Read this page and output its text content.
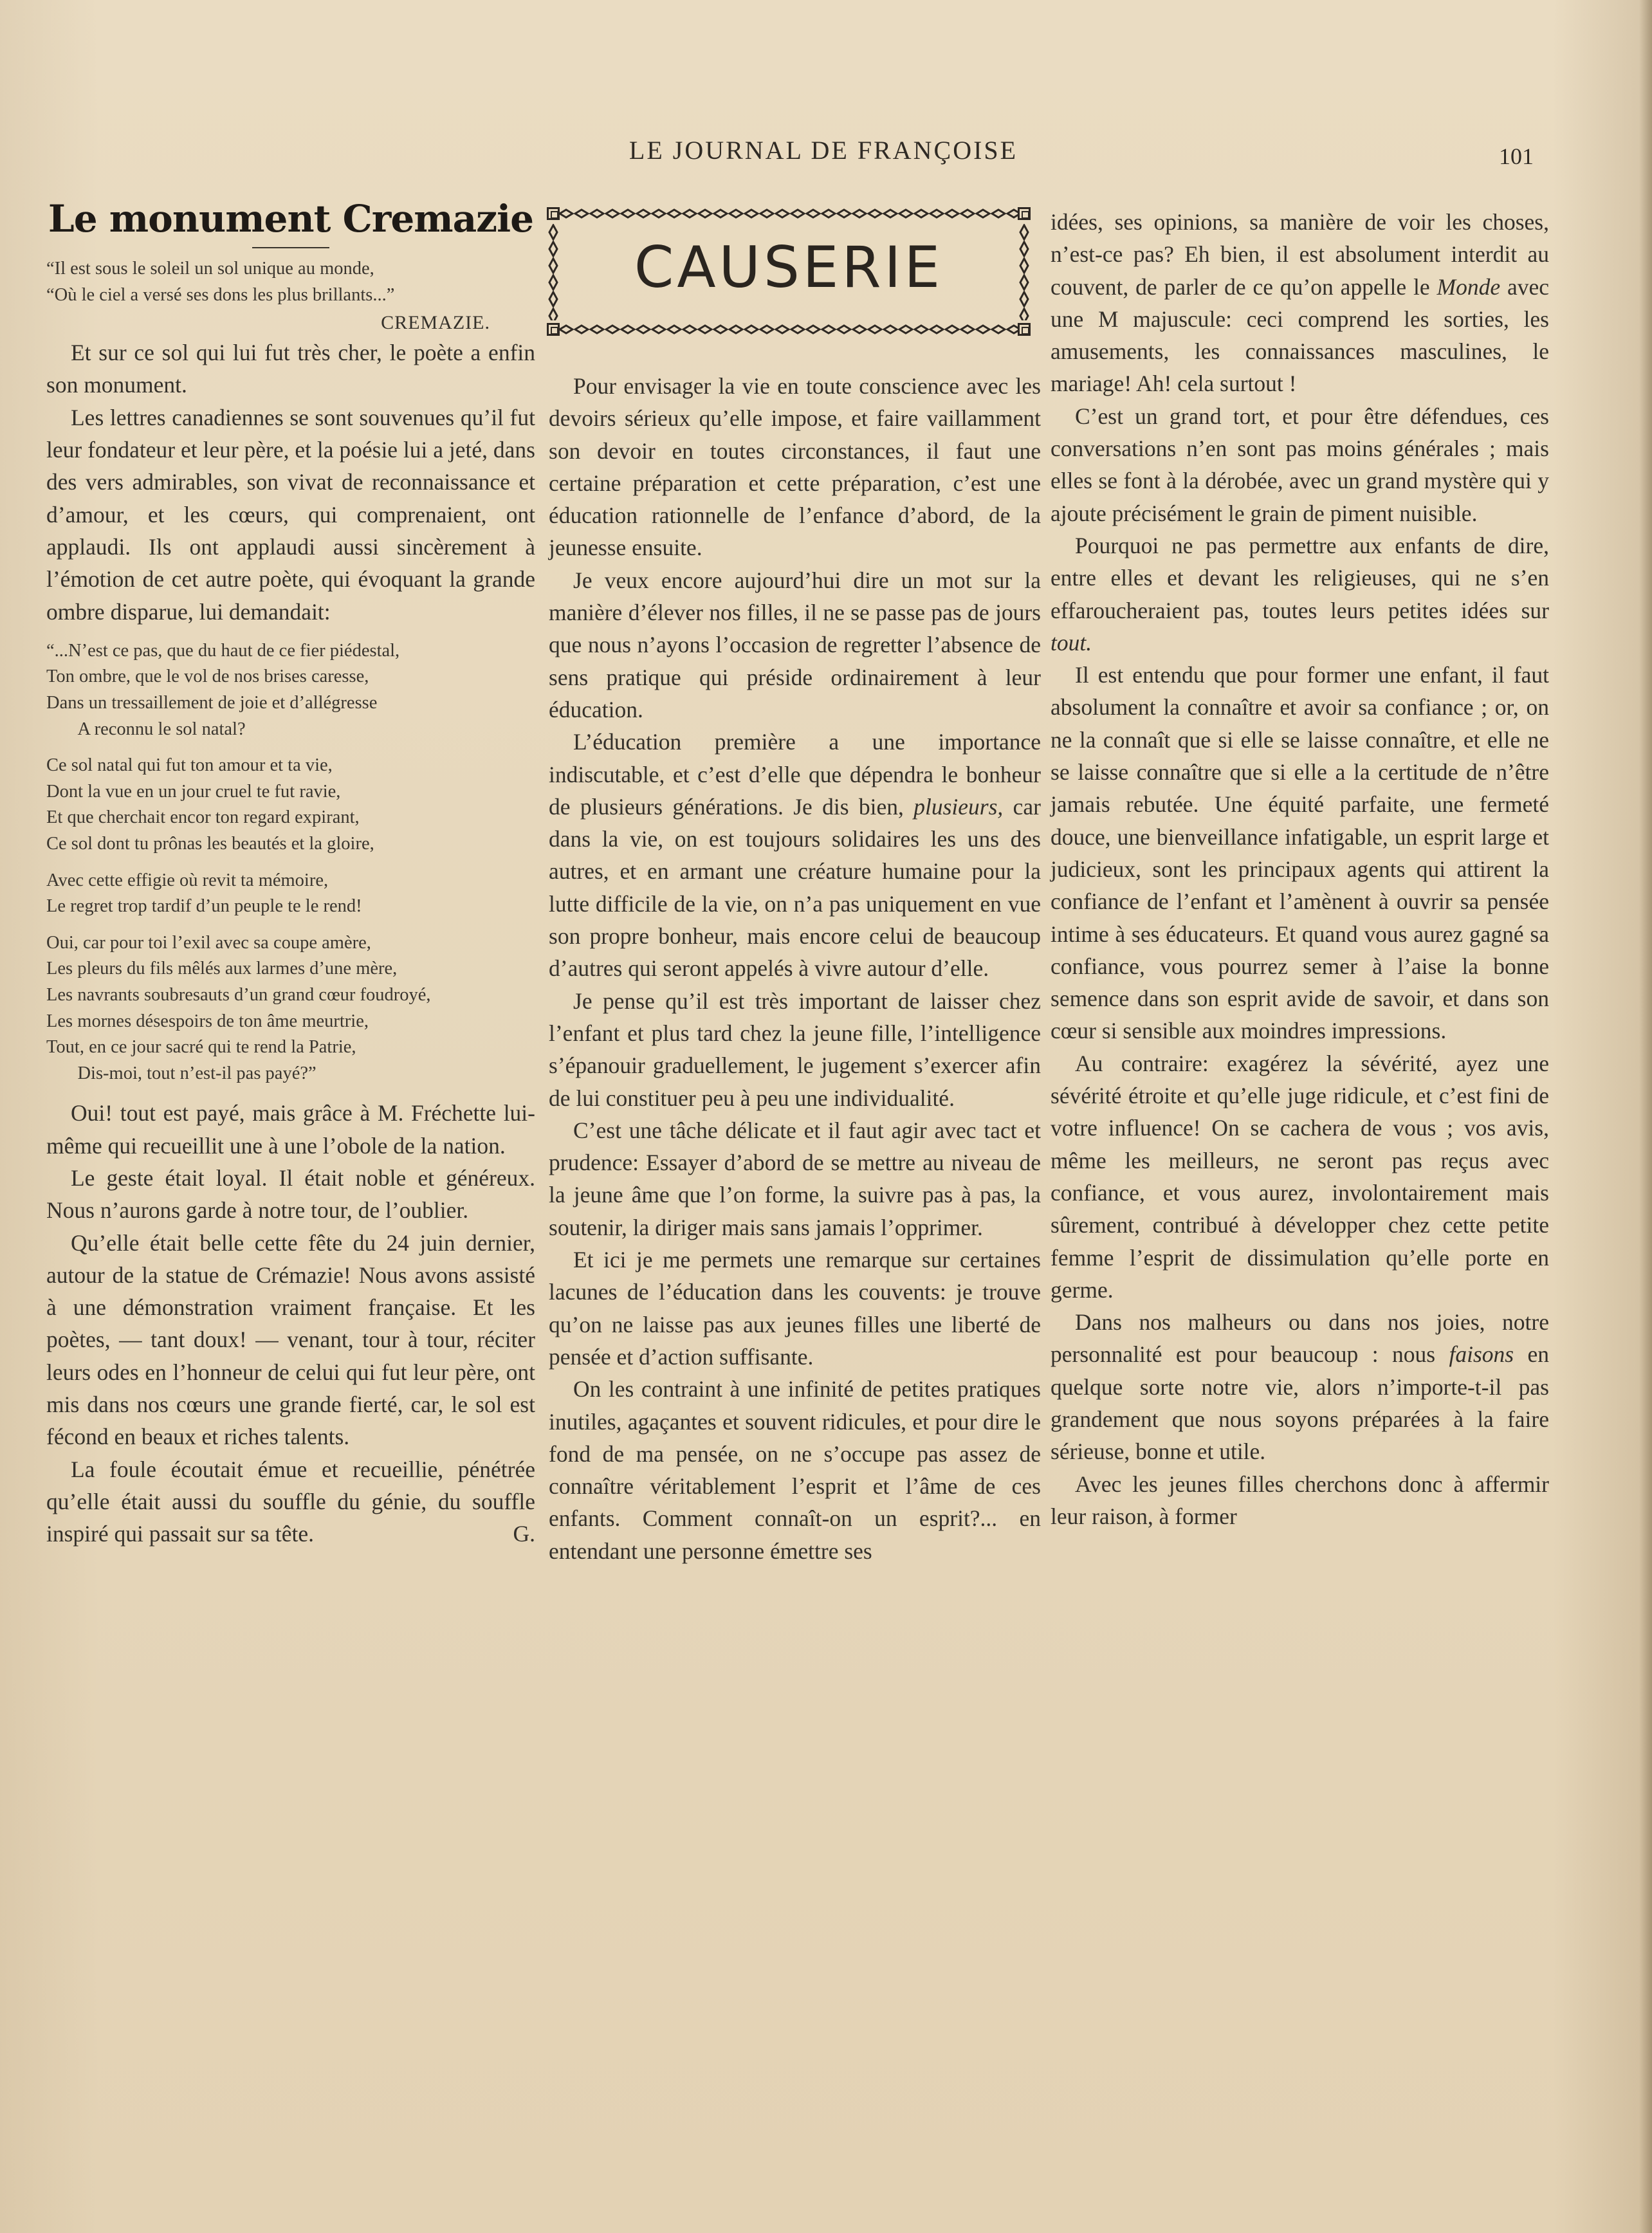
LE JOURNAL DE FRANÇOISE	101
Le monument Cremazie
“Il est sous le soleil un sol unique au monde,
“Où le ciel a versé ses dons les plus brillants...”

CREMAZIE.

Et sur ce sol qui lui fut très cher, le poète a enfin son monument.

Les lettres canadiennes se sont souvenues qu’il fut leur fondateur et leur père, et la poésie lui a jeté, dans des vers admirables, son vivat de reconnaissance et d’amour, et les cœurs, qui comprenaient, ont applaudi. Ils ont applaudi aussi sincèrement à l’émotion de cet autre poète, qui évoquant la grande ombre disparue, lui demandait:

“...N’est ce pas, que du haut de ce fier piédestal,
Ton ombre, que le vol de nos brises caresse,
Dans un tressaillement de joie et d’allégresse
A reconnu le sol natal?
Ce sol natal qui fut ton amour et ta vie,
Dont la vue en un jour cruel te fut ravie,
Et que cherchait encor ton regard expirant,
Ce sol dont tu prônas les beautés et la gloire,
Avec cette effigie où revit ta mémoire,
Le regret trop tardif d’un peuple te le rend!
Oui, car pour toi l’exil avec sa coupe amère,
Les pleurs du fils mêlés aux larmes d’une mère,
Les navrants soubresauts d’un grand cœur foudroyé,
Les mornes désespoirs de ton âme meurtrie,
Tout, en ce jour sacré qui te rend la Patrie,
Dis-moi, tout n’est-il pas payé?”

Oui! tout est payé, mais grâce à M. Fréchette lui-même qui recueillit une à une l’obole de la nation.

Le geste était loyal. Il était noble et généreux. Nous n’aurons garde à notre tour, de l’oublier.

Qu’elle était belle cette fête du 24 juin dernier, autour de la statue de Crémazie! Nous avons assisté à une démonstration vraiment française. Et les poètes, — tant doux! — venant, tour à tour, réciter leurs odes en l’honneur de celui qui fut leur père, ont mis dans nos cœurs une grande fierté, car, le sol est fécond en beaux et riches talents.

La foule écoutait émue et recueillie, pénétrée qu’elle était aussi du souffle du génie, du souffle inspiré qui passait sur sa tête.	G.

CAUSERIE

Pour envisager la vie en toute conscience avec les devoirs sérieux qu’elle impose, et faire vaillamment son devoir en toutes circonstances, il faut une certaine préparation et cette préparation, c’est une éducation rationnelle de l’enfance d’abord, de la jeunesse ensuite.

Je veux encore aujourd’hui dire un mot sur la manière d’élever nos filles, il ne se passe pas de jours que nous n’ayons l’occasion de regretter l’absence de sens pratique qui préside ordinairement à leur éducation.

L’éducation première a une importance indiscutable, et c’est d’elle que dépendra le bonheur de plusieurs générations. Je dis bien, plusieurs, car dans la vie, on est toujours solidaires les uns des autres, et en armant une créature humaine pour la lutte difficile de la vie, on n’a pas uniquement en vue son propre bonheur, mais encore celui de beaucoup d’autres qui seront appelés à vivre autour d’elle.

Je pense qu’il est très important de laisser chez l’enfant et plus tard chez la jeune fille, l’intelligence s’épanouir graduellement, le jugement s’exercer afin de lui constituer peu à peu une individualité.

C’est une tâche délicate et il faut agir avec tact et prudence: Essayer d’abord de se mettre au niveau de la jeune âme que l’on forme, la suivre pas à pas, la soutenir, la diriger mais sans jamais l’opprimer.

Et ici je me permets une remarque sur certaines lacunes de l’éducation dans les couvents: je trouve qu’on ne laisse pas aux jeunes filles une liberté de pensée et d’action suffisante.

On les contraint à une infinité de petites pratiques inutiles, agaçantes et souvent ridicules, et pour dire le fond de ma pensée, on ne s’occupe pas assez de connaître véritablement l’esprit et l’âme de ces enfants. Comment connaît-on un esprit?... en entendant une personne émettre ses

idées, ses opinions, sa manière de voir les choses, n’est-ce pas? Eh bien, il est absolument interdit au couvent, de parler de ce qu’on appelle le Monde avec une M majuscule: ceci comprend les sorties, les amusements, les connaissances masculines, le mariage! Ah! cela surtout !

C’est un grand tort, et pour être défendues, ces conversations n’en sont pas moins générales ; mais elles se font à la dérobée, avec un grand mystère qui y ajoute précisément le grain de piment nuisible.

Pourquoi ne pas permettre aux enfants de dire, entre elles et devant les religieuses, qui ne s’en effaroucheraient pas, toutes leurs petites idées sur tout.

Il est entendu que pour former une enfant, il faut absolument la connaître et avoir sa confiance ; or, on ne la connaît que si elle se laisse connaître, et elle ne se laisse connaître que si elle a la certitude de n’être jamais rebutée. Une équité parfaite, une fermeté douce, une bienveillance infatigable, un esprit large et judicieux, sont les principaux agents qui attirent la confiance de l’enfant et l’amènent à ouvrir sa pensée intime à ses éducateurs. Et quand vous aurez gagné sa confiance, vous pourrez semer à l’aise la bonne semence dans son esprit avide de savoir, et dans son cœur si sensible aux moindres impressions.

Au contraire: exagérez la sévérité, ayez une sévérité étroite et qu’elle juge ridicule, et c’est fini de votre influence! On se cachera de vous ; vos avis, même les meilleurs, ne seront pas reçus avec confiance, et vous aurez, involontairement mais sûrement, contribué à développer chez cette petite femme l’esprit de dissimulation qu’elle porte en germe.

Dans nos malheurs ou dans nos joies, notre personnalité est pour beaucoup : nous faisons en quelque sorte notre vie, alors n’importe-t-il pas grandement que nous soyons préparées à la faire sérieuse, bonne et utile.

Avec les jeunes filles cherchons donc à affermir leur raison, à former
